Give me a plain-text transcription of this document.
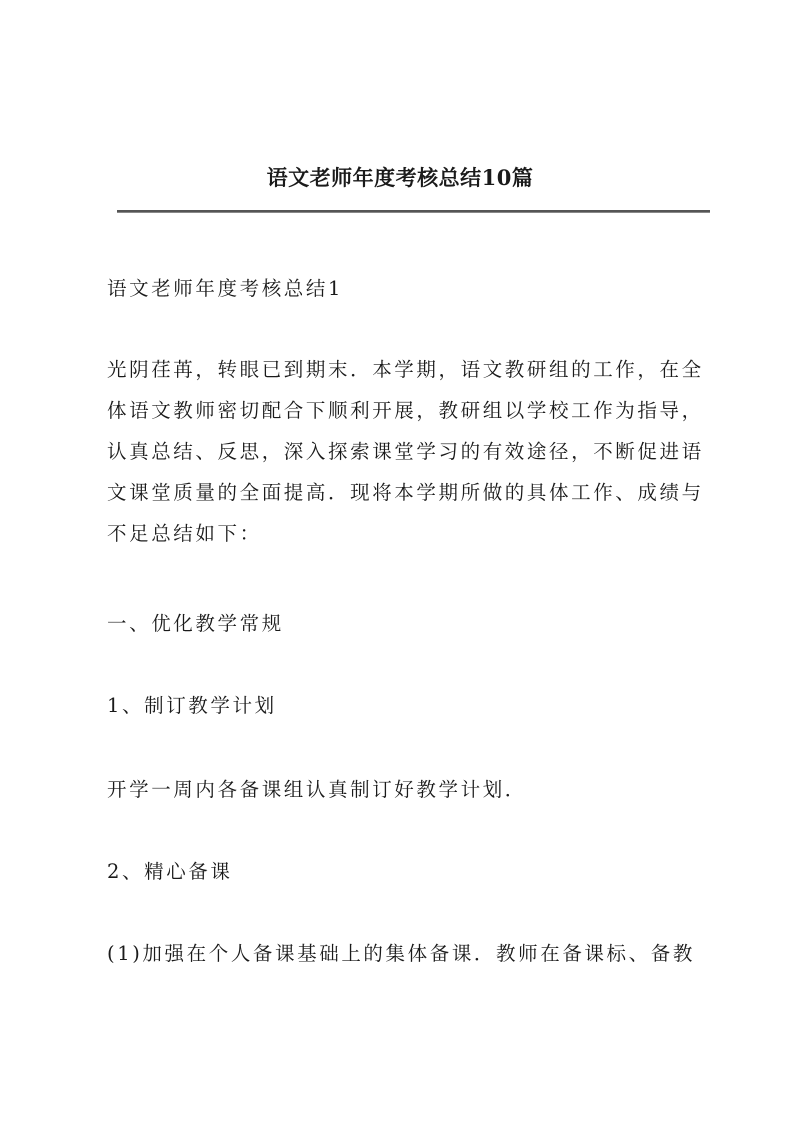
语文老师年度考核总结10篇

语文老师年度考核总结1

光阴荏苒，转眼已到期末．本学期，语文教研组的工作，在全体语文教师密切配合下顺利开展，教研组以学校工作为指导，认真总结、反思，深入探索课堂学习的有效途径，不断促进语文课堂质量的全面提高．现将本学期所做的具体工作、成绩与不足总结如下：

一、优化教学常规

1、制订教学计划

开学一周内各备课组认真制订好教学计划．

2、精心备课

(1)加强在个人备课基础上的集体备课．教师在备课标、备教
